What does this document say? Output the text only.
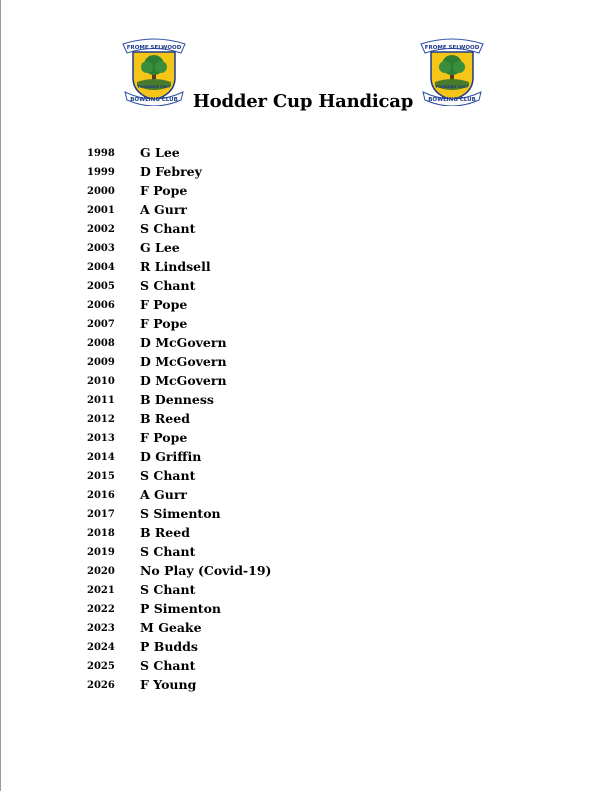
FROME SELWOOD
FOUNDED 1907
BOWLING CLUB
FROME SELWOOD
FOUNDED 1907
BOWLING CLUB
Hodder Cup Handicap
1998 G Lee
1999 D Febrey
2000 F Pope
2001 A Gurr
2002 S Chant
2003 G Lee
2004 R Lindsell
2005 S Chant
2006 F Pope
2007 F Pope
2008 D McGovern
2009 D McGovern
2010 D McGovern
2011 B Denness
2012 B Reed
2013 F Pope
2014 D Griffin
2015 S Chant
2016 A Gurr
2017 S Simenton
2018 B Reed
2019 S Chant
2020 No Play (Covid-19)
2021 S Chant
2022 P Simenton
2023 M Geake
2024 P Budds
2025 S Chant
2026 F Young
